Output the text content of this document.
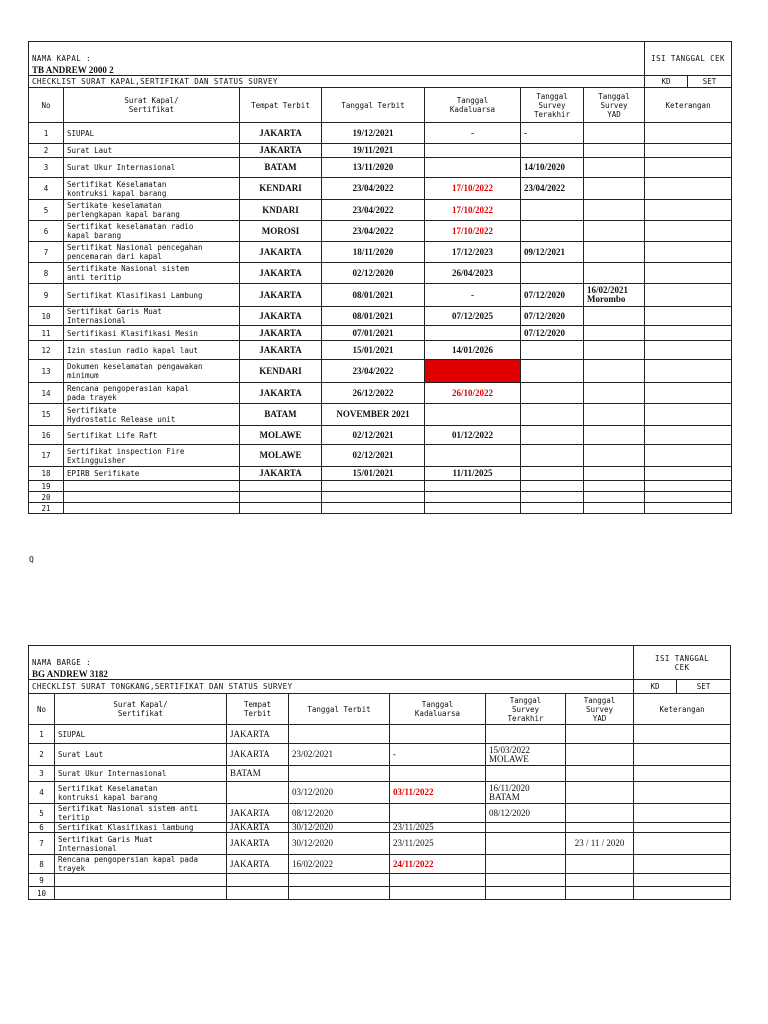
NAMA KAPAL :
TB ANDREW 2000 2							ISI TANGGAL CEK	
CHECKLIST SURAT KAPAL,SERTIFIKAT DAN STATUS SURVEY							KD	SET
No	Surat Kapal/
Sertifikat	Tempat Terbit	Tanggal Terbit	Tanggal
Kadaluarsa	Tanggal
Survey
Terakhir	Tanggal
Survey
YAD	Keterangan	
1	SIUPAL	JAKARTA	19/12/2021	-	-			
2	Surat Laut	JAKARTA	19/11/2021					
3	Surat Ukur Internasional	BATAM	13/11/2020		14/10/2020			
4	Sertifikat Keselamatan
kontruksi kapal barang	KENDARI	23/04/2022	17/10/2022	23/04/2022			
5	Sertikate keselamatan
perlengkapan kapal barang	KNDARI	23/04/2022	17/10/2022				
6	Sertifikat keselamatan radio
kapal barang	MOROSI	23/04/2022	17/10/2022				
7	Sertifikat Nasional pencegahan
pencemaran dari kapal	JAKARTA	18/11/2020	17/12/2023	09/12/2021			
8	Sertifikate Nasional sistem
anti teritip	JAKARTA	02/12/2020	26/04/2023				
9	Sertifikat Klasifikasi Lambung	JAKARTA	08/01/2021	-	07/12/2020	16/02/2021
Morombo		
10	Sertifikat Garis Muat
Internasional	JAKARTA	08/01/2021	07/12/2025	07/12/2020			
11	Sertifikasi Klasifikasi Mesin	JAKARTA	07/01/2021		07/12/2020			
12	Izin stasiun radio kapal laut	JAKARTA	15/01/2021	14/01/2026				
13	Dokumen keselamatan pengawakan
minimum	KENDARI	23/04/2022	17/10/2022				
14	Rencana pengoperasian kapal
pada trayek	JAKARTA	26/12/2022	26/10/2022				
15	Sertifikate
Hydrostatic Release unit	BATAM	NOVEMBER 2021					
16	Sertifikat Life Raft	MOLAWE	02/12/2021	01/12/2022				
17	Sertifikat inspection Fire
Extingguisher	MOLAWE	02/12/2021					
18	EPIRB Serifikate	JAKARTA	15/01/2021	11/11/2025				
19								
20								
21								
Q

NAMA BARGE :
BG ANDREW 3182							ISI TANGGAL
CEK	
CHECKLIST SURAT TONGKANG,SERTIFIKAT DAN STATUS SURVEY							KD	SET
No	Surat Kapal/
Sertifikat	Tempat
Terbit	Tanggal Terbit	Tanggal
Kadaluarsa	Tanggal
Survey
Terakhir	Tanggal
Survey
YAD	Keterangan	
1	SIUPAL	JAKARTA						
2	Surat Laut	JAKARTA	23/02/2021	-	15/03/2022
MOLAWE			
3	Surat Ukur Internasional	BATAM						
4	Sertifikat Keselamatan
kontruksi kapal barang		03/12/2020	03/11/2022	16/11/2020
BATAM			
5	Sertifikat Nasional sistem anti
teritip	JAKARTA	08/12/2020		08/12/2020			
6	Sertifikat Klasifikasi lambung	JAKARTA	30/12/2020	23/11/2025				
7	Sertifikat Garis Muat
Internasional	JAKARTA	30/12/2020	23/11/2025		23 / 11 / 2020		
8	Rencana pengopersian kapal pada
trayek	JAKARTA	16/02/2022	24/11/2022				
9								
10								
